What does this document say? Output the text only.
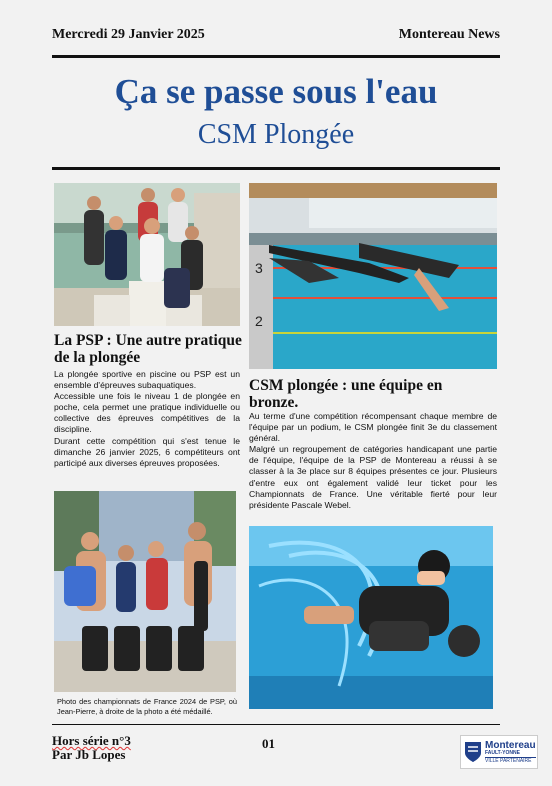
Mercredi 29 Janvier 2025	Montereau News
Ça se passe sous l'eau
CSM Plongée
3
2
La PSP : Une autre pratique de la plongée
La plongée sportive en piscine ou PSP est un ensemble d'épreuves subaquatiques.
Accessible une fois le niveau 1 de plongée en poche, cela permet une pratique individuelle ou collective des épreuves compétitives de la discipline.
Durant cette compétition qui s'est tenue le dimanche 26 janvier 2025, 6 compétiteurs ont participé aux diverses épreuves proposées.
Photo des championnats de France 2024 de PSP, où Jean-Pierre, à droite de la photo a été médaillé.
CSM plongée : une équipe en bronze.
Au terme d'une compétition récompensant chaque membre de l'équipe par un podium, le CSM plongée finit 3e du classement général.
Malgré un regroupement de catégories handicapant une partie de l'équipe, l'équipe de la PSP de Montereau a réussi à se classer à la 3e place sur 8 équipes présentes ce jour. Plusieurs d'entre eux ont également validé leur ticket pour les Championnats de France. Une véritable fierté pour leur présidente Pascale Webel.
Hors série n°3
Par Jb Lopes
01	Montereau
FAULT-YONNE
VILLE PARTENAIRE
